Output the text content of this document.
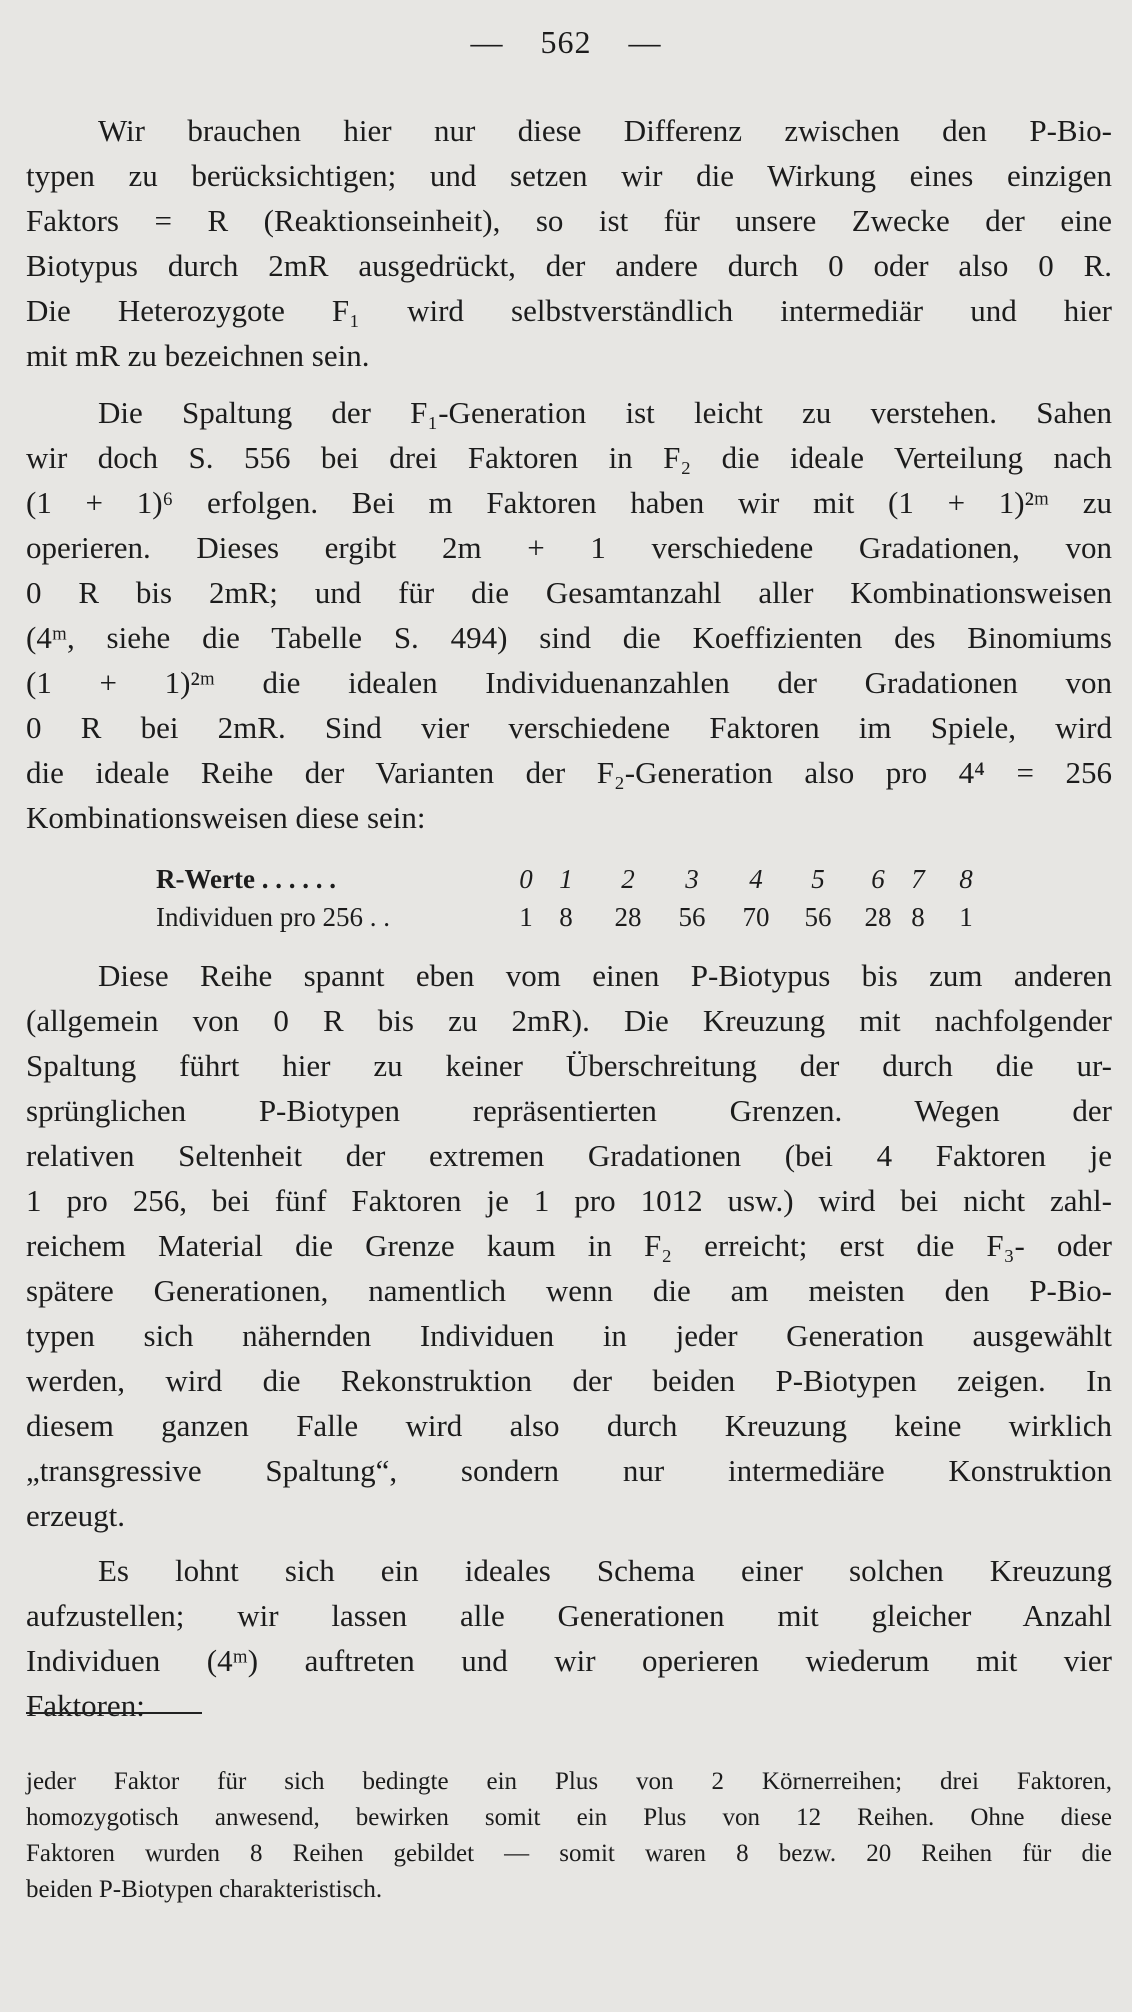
— 562 —
Wir brauchen hier nur diese Differenz zwischen den P-Bio-
typen zu berücksichtigen; und setzen wir die Wirkung eines einzigen
Faktors = R (Reaktionseinheit), so ist für unsere Zwecke der eine
Biotypus durch 2mR ausgedrückt, der andere durch 0 oder also 0 R.
Die Heterozygote F₁ wird selbstverständlich intermediär und hier
mit mR zu bezeichnen sein.
Die Spaltung der F₁-Generation ist leicht zu verstehen. Sahen
wir doch S. 556 bei drei Faktoren in F₂ die ideale Verteilung nach
(1 + 1)⁶ erfolgen. Bei m Faktoren haben wir mit (1 + 1)²ᵐ zu
operieren. Dieses ergibt 2m + 1 verschiedene Gradationen, von
0 R bis 2mR; und für die Gesamtanzahl aller Kombinationsweisen
(4ᵐ, siehe die Tabelle S. 494) sind die Koeffizienten des Binomiums
(1 + 1)²ᵐ die idealen Individuenanzahlen der Gradationen von
0 R bei 2mR. Sind vier verschiedene Faktoren im Spiele, wird
die ideale Reihe der Varianten der F₂-Generation also pro 4⁴ = 256
Kombinationsweisen diese sein:
R-Werte . . . . . .	0 1	2	3	4	5	6 7	8
Individuen pro 256 . .	1 8	28 56 70 56 28 8	1
Diese Reihe spannt eben vom einen P-Biotypus bis zum anderen
(allgemein von 0 R bis zu 2mR). Die Kreuzung mit nachfolgender
Spaltung führt hier zu keiner Überschreitung der durch die ur-
sprünglichen P-Biotypen repräsentierten Grenzen. Wegen der
relativen Seltenheit der extremen Gradationen (bei 4 Faktoren je
1 pro 256, bei fünf Faktoren je 1 pro 1012 usw.) wird bei nicht zahl-
reichem Material die Grenze kaum in F₂ erreicht; erst die F₃- oder
spätere Generationen, namentlich wenn die am meisten den P-Bio-
typen sich nähernden Individuen in jeder Generation ausgewählt
werden, wird die Rekonstruktion der beiden P-Biotypen zeigen. In
diesem ganzen Falle wird also durch Kreuzung keine wirklich
„transgressive Spaltung“, sondern nur intermediäre Konstruktion
erzeugt.
Es lohnt sich ein ideales Schema einer solchen Kreuzung
aufzustellen; wir lassen alle Generationen mit gleicher Anzahl
Individuen (4ᵐ) auftreten und wir operieren wiederum mit vier
Faktoren:
jeder Faktor für sich bedingte ein Plus von 2 Körnerreihen; drei Faktoren,
homozygotisch anwesend, bewirken somit ein Plus von 12 Reihen. Ohne diese
Faktoren wurden 8 Reihen gebildet — somit waren 8 bezw. 20 Reihen für die
beiden P-Biotypen charakteristisch.
